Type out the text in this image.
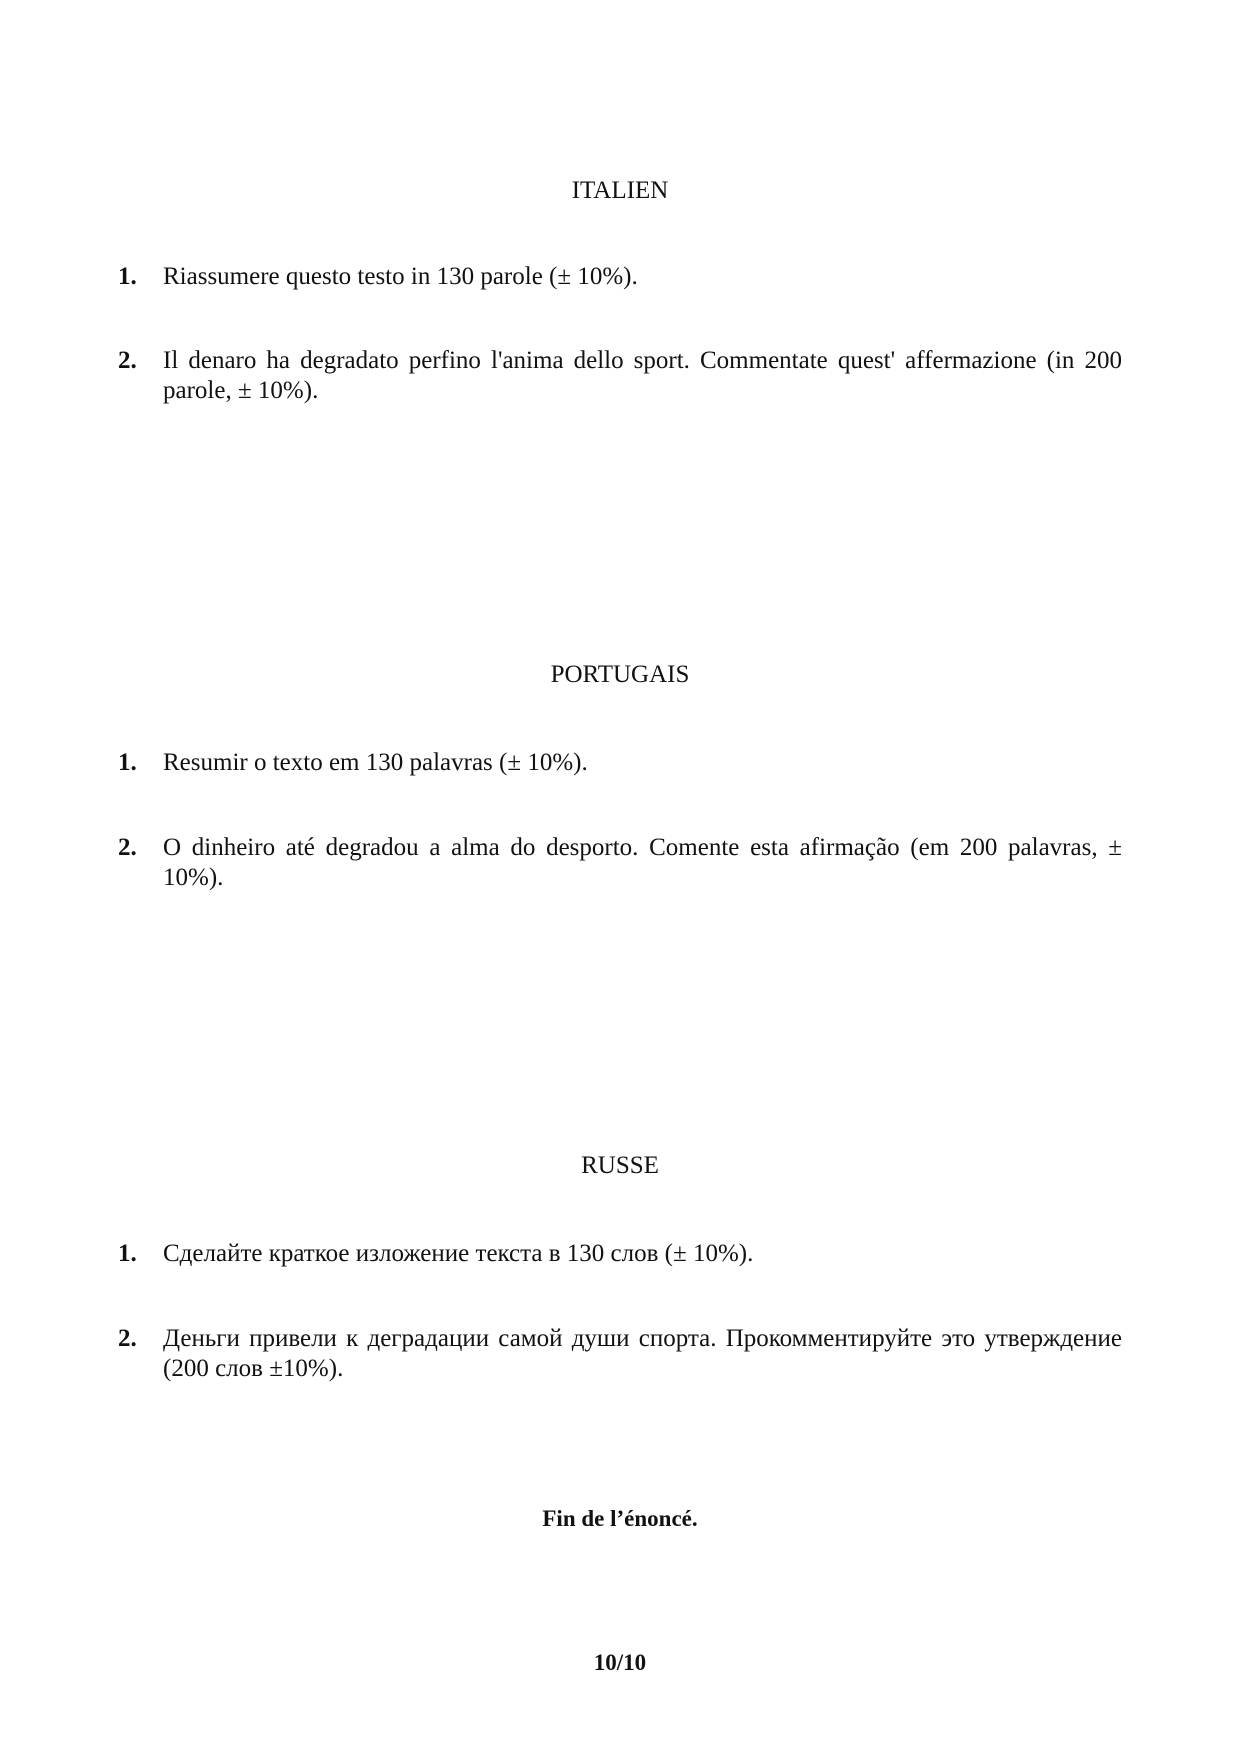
ITALIEN
1.	Riassumere questo testo in 130 parole (± 10%).
2.	Il denaro ha degradato perfino l'anima dello sport. Commentate quest' affermazione (in 200 parole, ± 10%).
PORTUGAIS
1.	Resumir o texto em 130 palavras (± 10%).
2.	O dinheiro até degradou a alma do desporto. Comente esta afirmação (em 200 palavras, ± 10%).
RUSSE
1.	Сделайте краткое изложение текста в 130 слов (± 10%).
2.	Деньги привели к деградации самой души спорта. Прокомментируйте это утверждение (200 слов ±10%).
Fin de l’énoncé.
10/10
